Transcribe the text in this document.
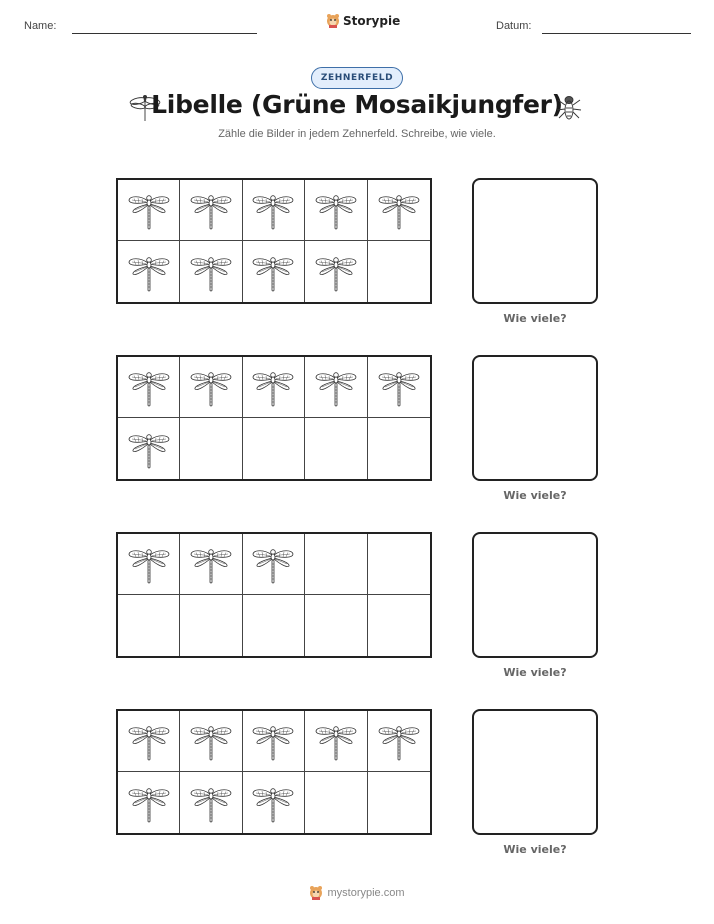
Name:	Storypie	Datum:
ZEHNERFELD
Libelle (Grüne Mosaikjungfer)
Zähle die Bilder in jedem Zehnerfeld. Schreibe, wie viele.
Wie viele?
Wie viele?
Wie viele?
Wie viele?
mystorypie.com
